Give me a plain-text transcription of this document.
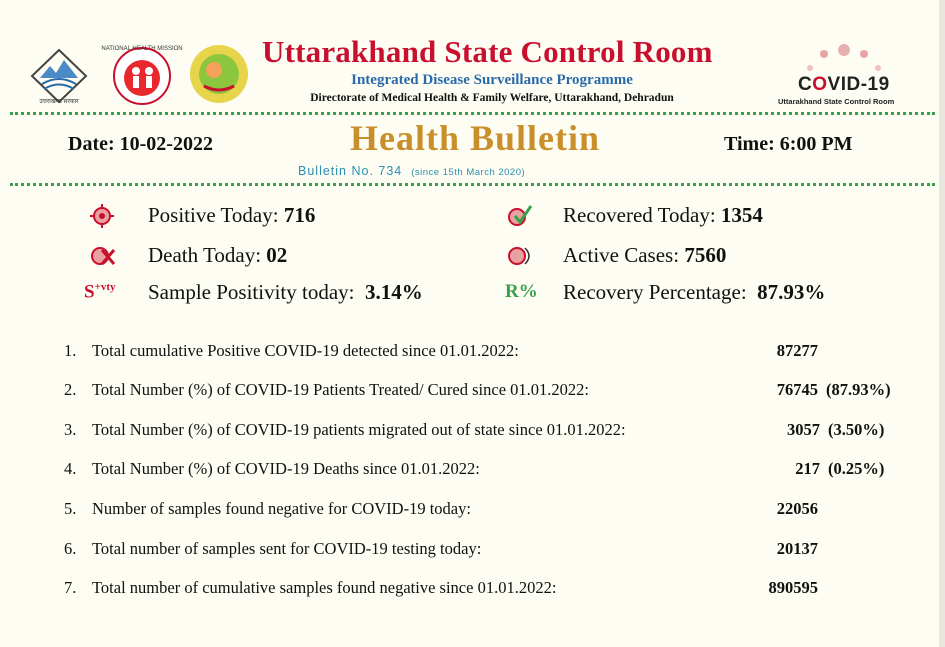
उत्तराखण्ड सरकार
NATIONAL HEALTH MISSION	Uttarakhand State Control Room
Integrated Disease Surveillance Programme
Directorate of Medical Health & Family Welfare, Uttarakhand, Dehradun
COVID-19
Uttarakhand State Control Room
Date: 10-02-2022	Health Bulletin	Time: 6:00 PM
Bulletin No. 734 (since 15th March 2020)
Positive Today: 716	Recovered Today: 1354
Death Today: 02	Active Cases: 7560
$S^{+vty}$ Sample Positivity today: 3.14%	R% Recovery Percentage: 87.93%
1. Total cumulative Positive COVID-19 detected since 01.01.2022:	87277
2. Total Number (%) of COVID-19 Patients Treated/ Cured since 01.01.2022:	76745 (87.93%)
3. Total Number (%) of COVID-19 patients migrated out of state since 01.01.2022:	3057 (3.50%)
4. Total Number (%) of COVID-19 Deaths since 01.01.2022:	217 (0.25%)
5. Number of samples found negative for COVID-19 today:	22056
6. Total number of samples sent for COVID-19 testing today:	20137
7. Total number of cumulative samples found negative since 01.01.2022:	890595
